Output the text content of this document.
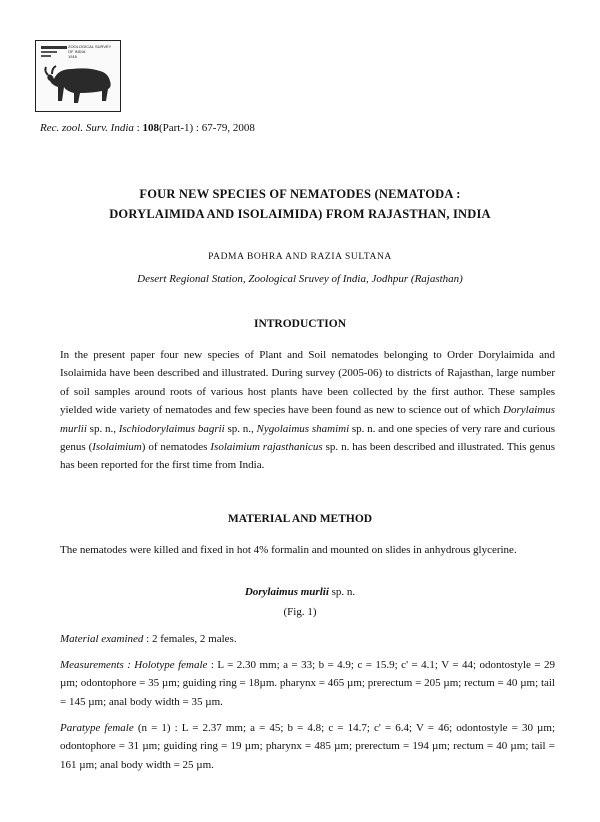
Rec. zool. Surv. India : 108(Part-1) : 67-79, 2008
FOUR NEW SPECIES OF NEMATODES (NEMATODA :
DORYLAIMIDA AND ISOLAIMIDA) FROM RAJASTHAN, INDIA
PADMA BOHRA AND RAZIA SULTANA
Desert Regional Station, Zoological Sruvey of India, Jodhpur (Rajasthan)
INTRODUCTION

In the present paper four new species of Plant and Soil nematodes belonging to Order Dorylaimida and Isolaimida have been described and illustrated. During survey (2005-06) to districts of Rajasthan, large number of soil samples around roots of various host plants have been collected by the first author. These samples yielded wide variety of nematodes and few species have been found as new to science out of which Dorylaimus murlii sp. n., Ischiodorylaimus bagrii sp. n., Nygolaimus shamimi sp. n. and one species of very rare and curious genus (Isolaimium) of nematodes Isolaimium rajasthanicus sp. n. has been described and illustrated. This genus has been reported for the first time from India.

MATERIAL AND METHOD

The nematodes were killed and fixed in hot 4% formalin and mounted on slides in anhydrous glycerine.

Dorylaimus murlii sp. n.
(Fig. 1)

Material examined : 2 females, 2 males.

Measurements : Holotype female : L = 2.30 mm; a = 33; b = 4.9; c = 15.9; c' = 4.1; V = 44; odontostyle = 29 µm; odontophore = 35 µm; guiding ring = 18µm. pharynx = 465 µm; prerectum = 205 µm; rectum = 40 µm; tail = 145 µm; anal body width = 35 µm.

Paratype female (n = 1) : L = 2.37 mm; a = 45; b = 4.8; c = 14.7; c' = 6.4; V = 46; odontostyle = 30 µm; odontophore = 31 µm; guiding ring = 19 µm; pharynx = 485 µm; prerectum = 194 µm; rectum = 40 µm; tail = 161 µm; anal body width = 25 µm.

ZOOLOGICAL SURVEY
OF INDIA
1916
